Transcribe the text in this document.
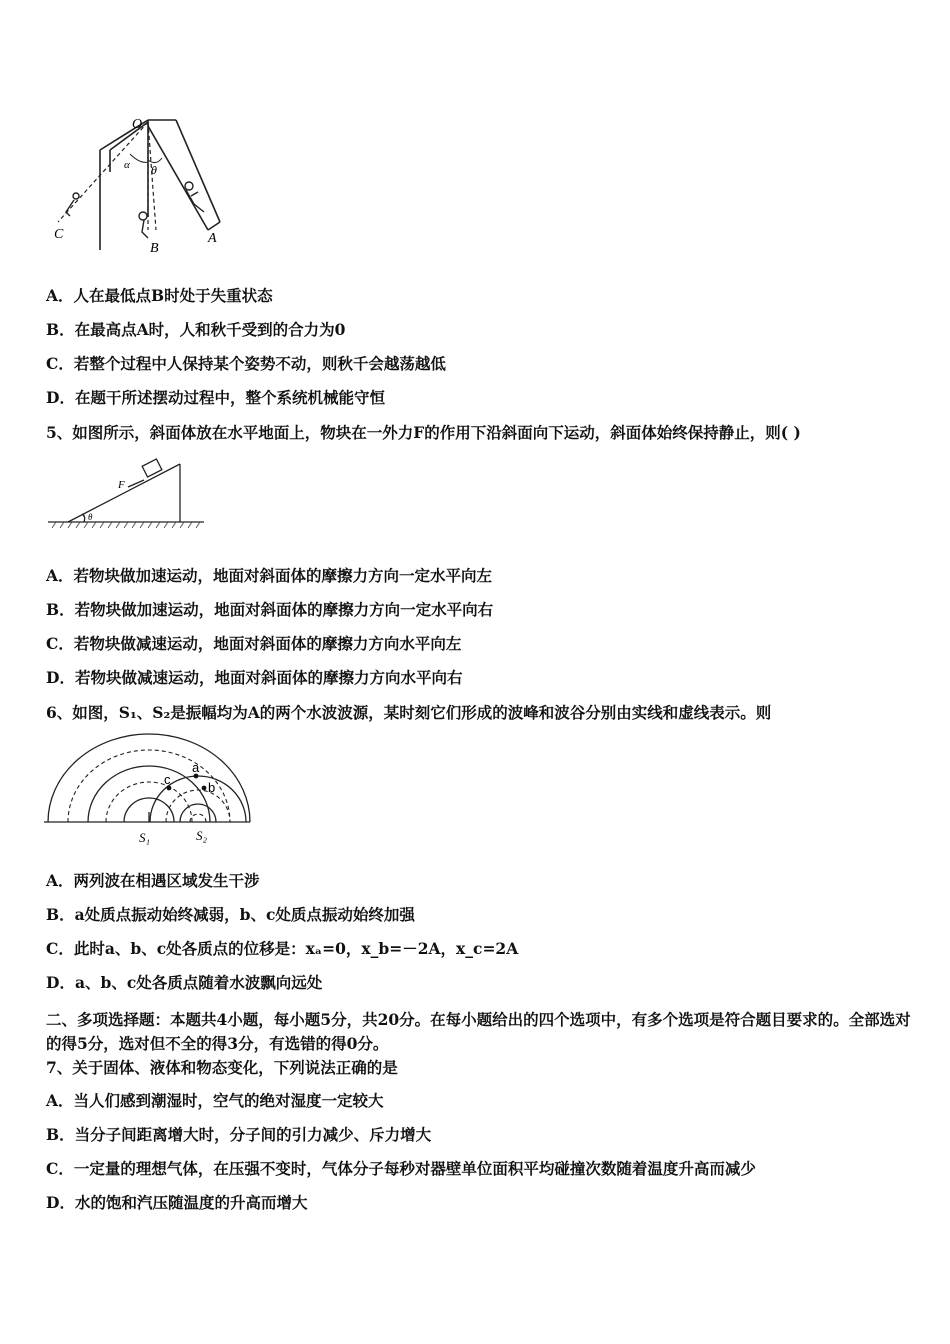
O
α θ
A
B
C
A．人在最低点B时处于失重状态
B．在最高点A时，人和秋千受到的合力为0
C．若整个过程中人保持某个姿势不动，则秋千会越荡越低
D．在题干所述摆动过程中，整个系统机械能守恒
5、如图所示，斜面体放在水平地面上，物块在一外力F的作用下沿斜面向下运动，斜面体始终保持静止，则( )
F
θ
A．若物块做加速运动，地面对斜面体的摩擦力方向一定水平向左
B．若物块做加速运动，地面对斜面体的摩擦力方向一定水平向右
C．若物块做减速运动，地面对斜面体的摩擦力方向水平向左
D．若物块做减速运动，地面对斜面体的摩擦力方向水平向右
6、如图，S₁、S₂是振幅均为A的两个水波波源，某时刻它们形成的波峰和波谷分别由实线和虚线表示。则
a
c
b
S₁	S₂
A．两列波在相遇区域发生干涉
B．a处质点振动始终减弱，b、c处质点振动始终加强
C．此时a、b、c处各质点的位移是：xₐ=0，x_b=－2A，x_c=2A
D．a、b、c处各质点随着水波飘向远处
二、多项选择题：本题共4小题，每小题5分，共20分。在每小题给出的四个选项中，有多个选项是符合题目要求的。全部选对的得5分，选对但不全的得3分，有选错的得0分。
7、关于固体、液体和物态变化，下列说法正确的是
A．当人们感到潮湿时，空气的绝对湿度一定较大
B．当分子间距离增大时，分子间的引力减少、斥力增大
C．一定量的理想气体，在压强不变时，气体分子每秒对器壁单位面积平均碰撞次数随着温度升高而减少
D．水的饱和汽压随温度的升高而增大
